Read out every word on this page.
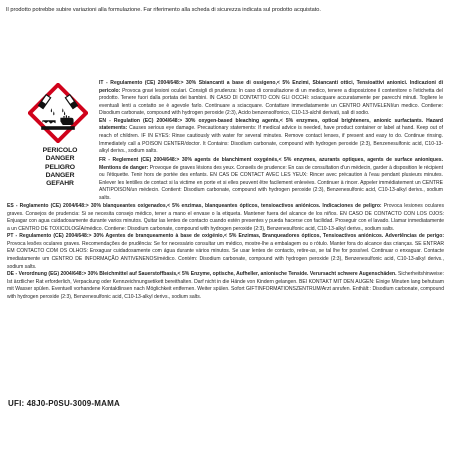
Il prodotto potrebbe subire variazioni alla formulazione. Far riferimento alla scheda di sicurezza indicata sul prodotto acquistato.
PERICOLO
DANGER
PELIGRO
DANGER
GEFAHR

IT - Regulamento (CE) 2004/648:> 30% Sbiancanti a base di ossigeno,< 5% Enzimi, Sbiancanti ottici, Tensioattivi anionici. Indicazioni di pericolo: Provoca gravi lesioni oculari. Consigli di prudenza: In caso di consultazione di un medico, tenere a disposizione il contenitore o l'etichetta del prodotto. Tenere fuori dalla portata dei bambini. IN CASO DI CONTATTO CON GLI OCCHI: sciacquare accuratamente per parecchi minuti. Togliere le eventuali lenti a contatto se è agevole farlo. Continuare a sciacquare. Contattare immediatamente un CENTRO ANTIVELENI/un medico. Contiene: Disodium carbonate, compound with hydrogen peroxide (2:3), Acido benzensolfonico, C10-13-alchil derivati, sali di sodio.

EN - Regulation (EC) 2004/648:> 30% oxygen-based bleaching agents,< 5% enzymes, optical brighteners, anionic surfactants. Hazard statements: Causes serious eye damage. Precautionary statements: If medical advice is needed, have product container or label at hand. Keep out of reach of children. IF IN EYES: Rinse cautiously with water for several minutes. Remove contact lenses, if present and easy to do. Continue rinsing. Immediately call a POISON CENTER/doctor. It Contains: Disodium carbonate, compound with hydrogen peroxide (2:3), Benzenesulfonic acid, C10-13-alkyl derivs., sodium salts.

FR - Reglement (CE) 2004/648:> 30% agents de blanchiment oxygénés,< 5% enzymes, azurants optiques, agents de surface anioniques. Mentions de danger: Provoque de graves lésions des yeux. Conseils de prudence: En cas de consultation d'un médecin, garder à disposition le récipient ou l'étiquette. Tenir hors de portée des enfants. EN CAS DE CONTACT AVEC LES YEUX: Rincer avec précaution à l'eau pendant plusieurs minutes. Enlever les lentilles de contact si la victime en porte et si elles peuvent être facilement enlevées. Continuer à rincer. Appeler immédiatement un CENTRE ANTIPOISON/un médecin. Contient: Disodium carbonate, compound with hydrogen peroxide (2:3), Benzenesulfonic acid, C10-13-alkyl derivs., sodium salts.

ES - Reglamento (CE) 2004/648:> 30% blanqueantes oxigenados,< 5% enzimas, blanqueantes ópticos, tensioactivos aniónicos. Indicaciones de peligro: Provoca lesiones oculares graves. Consejos de prudencia: Si se necesita consejo médico, tener a mano el envase o la etiqueta. Mantener fuera del alcance de los niños. EN CASO DE CONTACTO CON LOS OJOS: Enjuagar con agua cuidadosamente durante varios minutos. Quitar las lentes de contacto cuando estén presentes y pueda hacerse con facilidad. Proseguir con el lavado. Llamar inmediatamente a un CENTRO DE TOXICOLOGÍA/médico. Contiene: Disodium carbonate, compound with hydrogen peroxide (2:3), Benzenesulfonic acid, C10-13-alkyl derivs., sodium salts.

PT - Regulamento (CE) 2004/648:> 30% Agentes de branqueamento à base de oxigénio,< 5% Enzimas, Branqueadores ópticos, Tensioactivos aniónicos. Advertências de perigo: Provoca lesões oculares graves. Recomendações de prudência: Se for necessário consultar um médico, mostre-lhe a embalagem ou o rótulo. Manter fora do alcance das crianças. SE ENTRAR EM CONTACTO COM OS OLHOS: Enxaguar cuidadosamente com água durante vários minutos. Se usar lentes de contacto, retire-as, se tal lhe for possível. Continuar o enxaguar. Contacte imediatamente um CENTRO DE INFORMAÇÃO ANTIVENENOS/médico. Contém: Disodium carbonate, compound with hydrogen peroxide (2:3), Benzenesulfonic acid, C10-13-alkyl derivs., sodium salts.

DE - Verordnung (EG) 2004/648:> 30% Bleichmittel auf Sauerstoffbasis,< 5% Enzyme, optische, Aufheller, anionische Tenside. Verursacht schwere Augenschäden. Sicherheitshinweise: Ist ärztlicher Rat erforderlich, Verpackung oder Kennzeichnungsetikett bereithalten. Darf nicht in die Hände von Kindern gelangen. BEI KONTAKT MIT DEN AUGEN: Einige Minuten lang behutsam mit Wasser spülen. Eventuell vorhandene Kontaktlinsen nach Möglichkeit entfernen. Weiter spülen. Sofort GIFTINFORMATIONSZENTRUM/Arzt anrufen. Enthält:: Disodium carbonate, compound with hydrogen peroxide (2:3), Benzenesulfonic acid, C10-13-alkyl derivs., sodium salts.

UFI: 48J0-P0SU-3009-MAMA
